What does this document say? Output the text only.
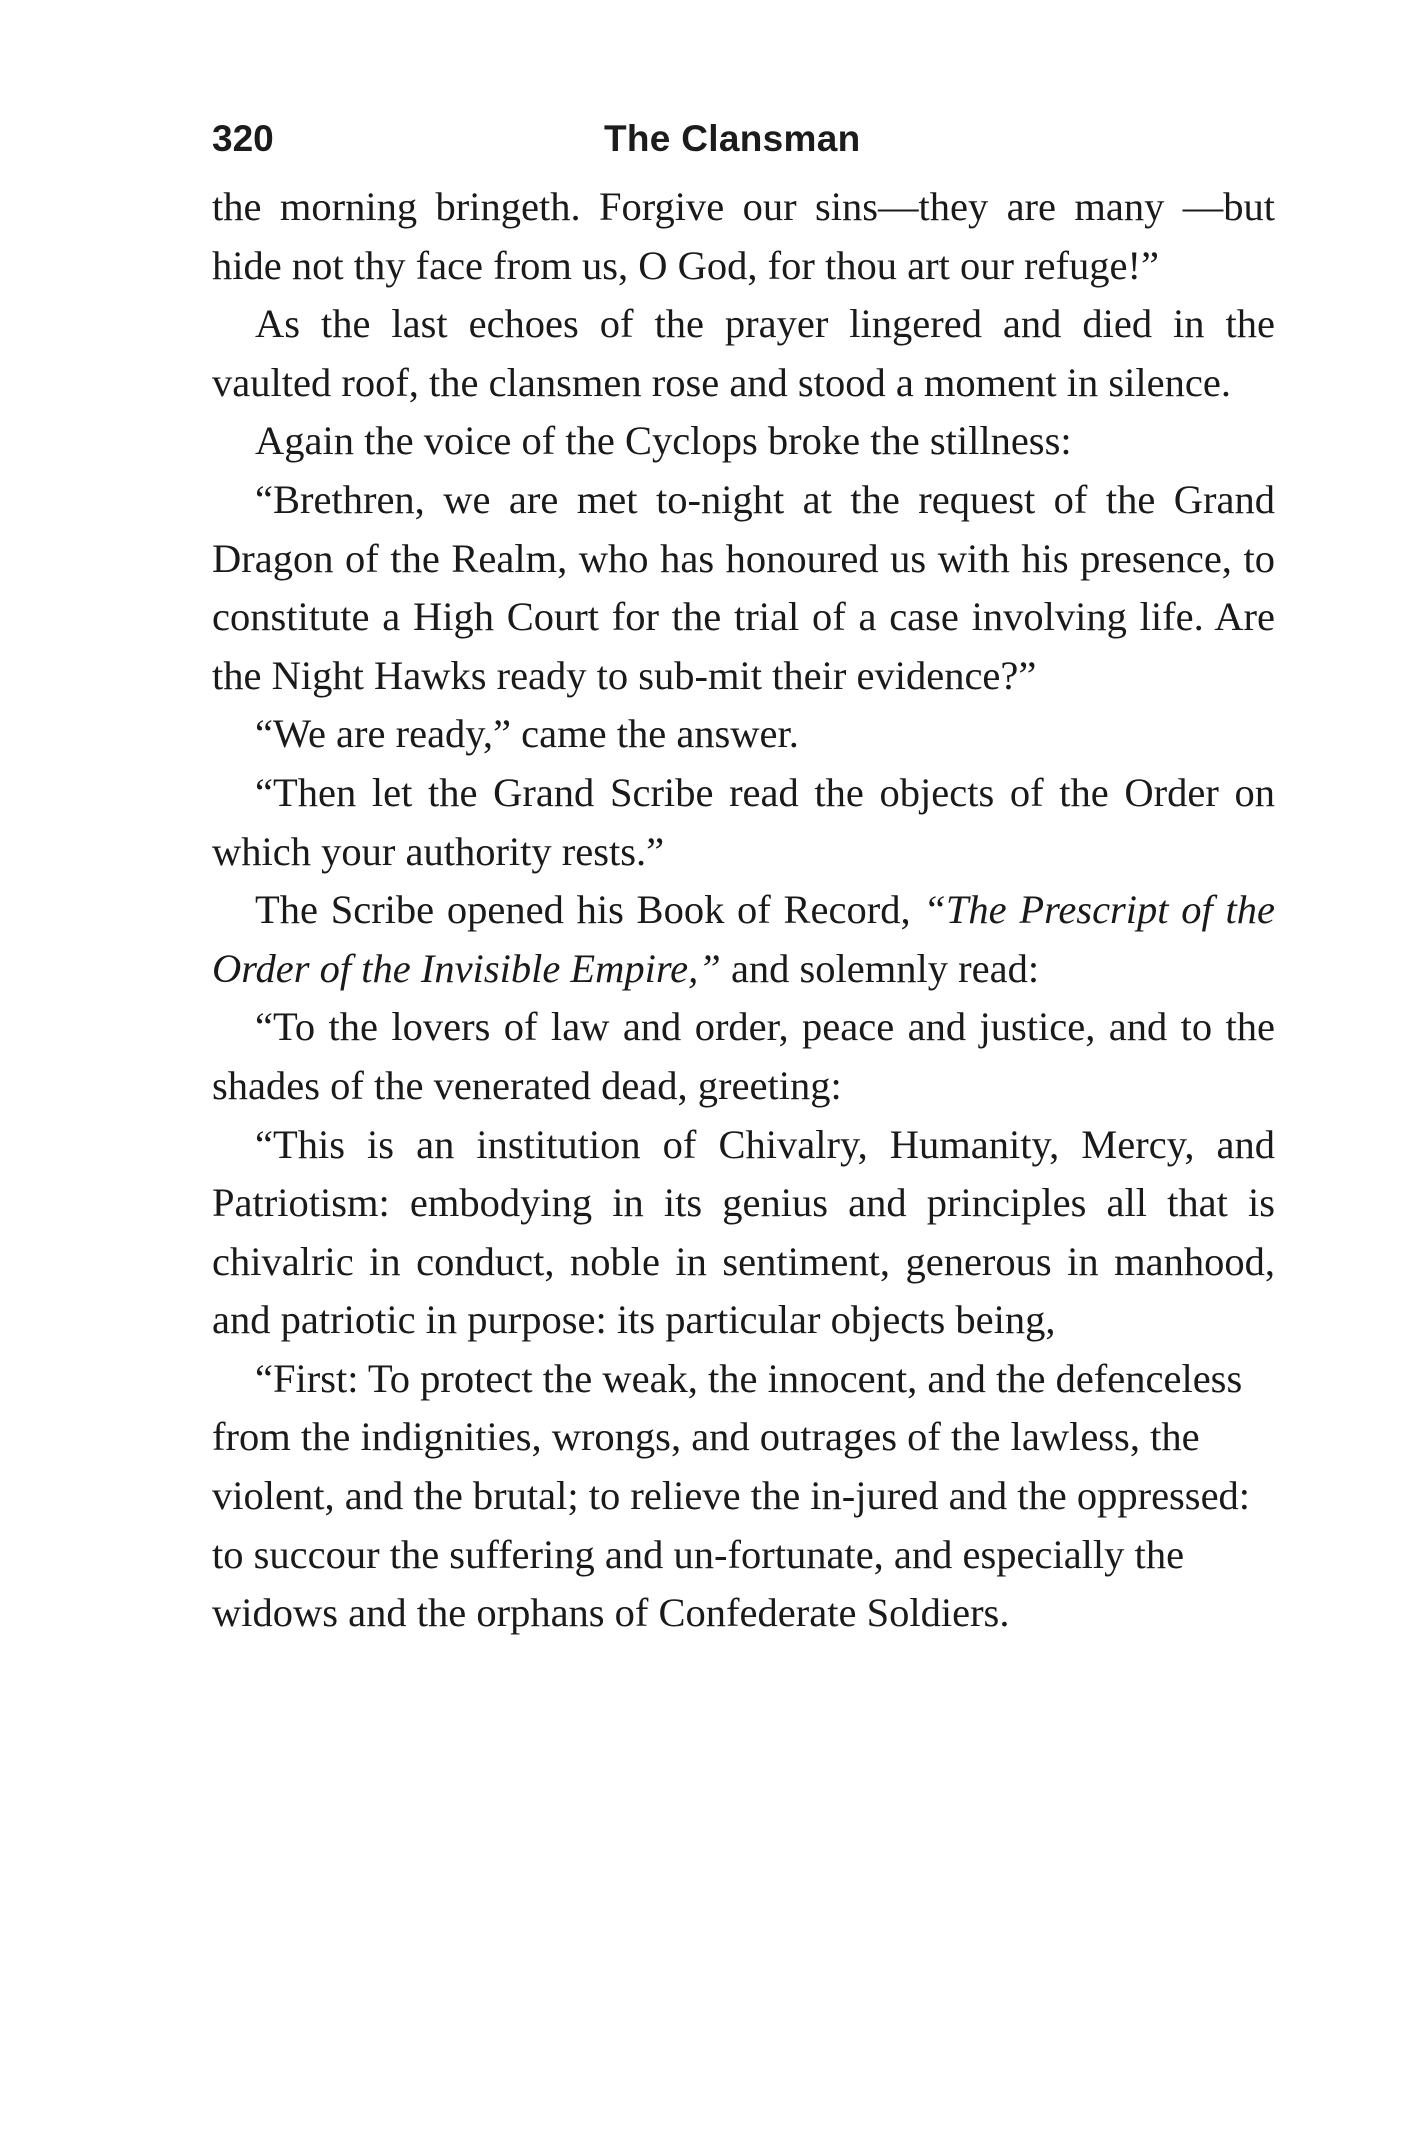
320	The Clansman

the morning bringeth. Forgive our sins—they are many —but hide not thy face from us, O God, for thou art our refuge!”

As the last echoes of the prayer lingered and died in the vaulted roof, the clansmen rose and stood a moment in silence.

Again the voice of the Cyclops broke the stillness:

“Brethren, we are met to-night at the request of the Grand Dragon of the Realm, who has honoured us with his presence, to constitute a High Court for the trial of a case involving life. Are the Night Hawks ready to sub-mit their evidence?”

“We are ready,” came the answer.

“Then let the Grand Scribe read the objects of the Order on which your authority rests.”

The Scribe opened his Book of Record, “The Prescript of the Order of the Invisible Empire,” and solemnly read:

“To the lovers of law and order, peace and justice, and to the shades of the venerated dead, greeting:

“This is an institution of Chivalry, Humanity, Mercy, and Patriotism: embodying in its genius and principles all that is chivalric in conduct, noble in sentiment, generous in manhood, and patriotic in purpose: its particular objects being,

“First: To protect the weak, the innocent, and the defenceless from the indignities, wrongs, and outrages of the lawless, the violent, and the brutal; to relieve the in-jured and the oppressed: to succour the suffering and un-fortunate, and especially the widows and the orphans of Confederate Soldiers.
